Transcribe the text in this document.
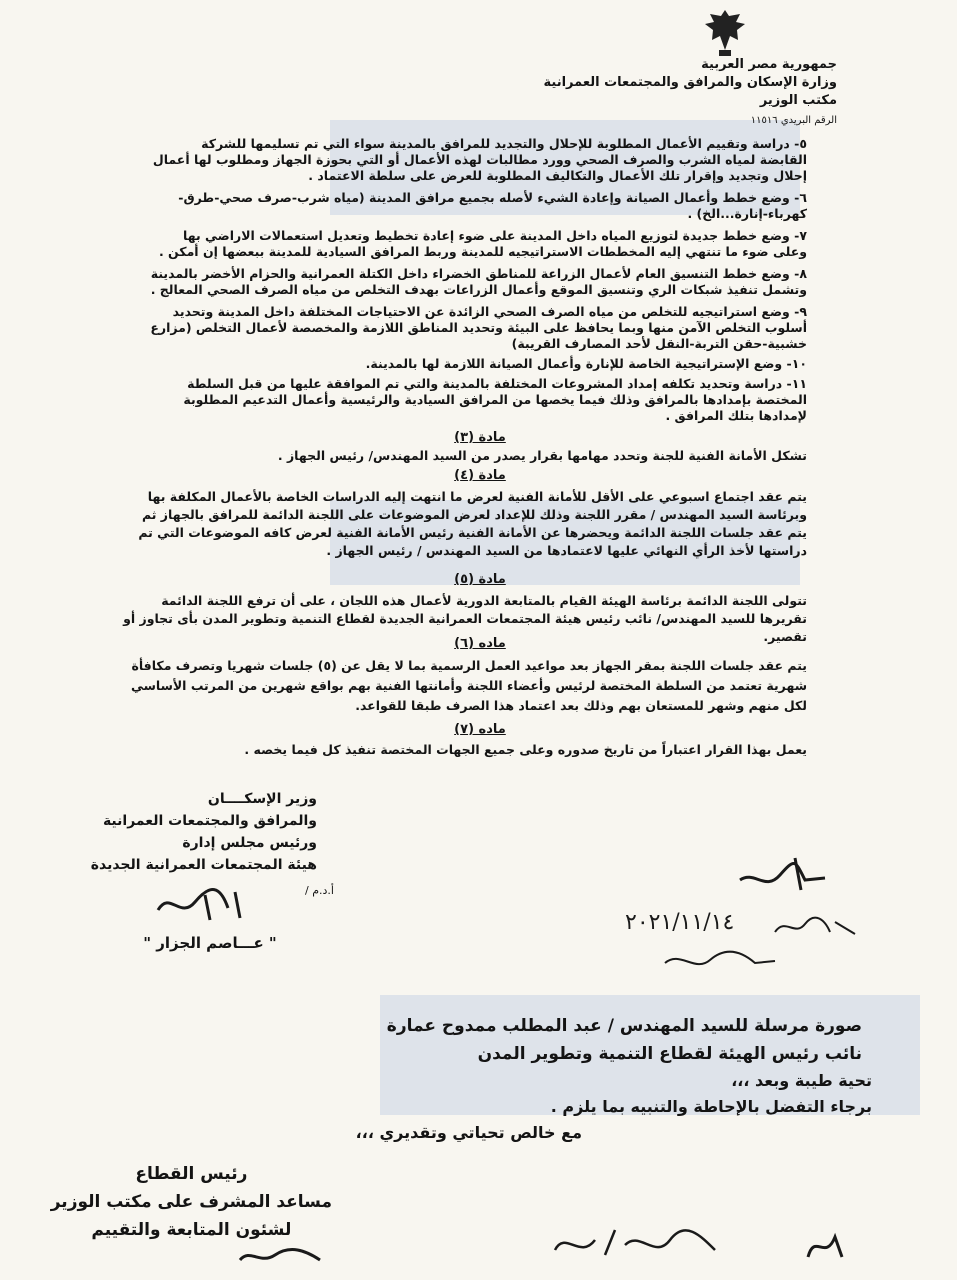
جمهورية مصر العربية
وزارة الإسكان والمرافق والمجتمعات العمرانية
مكتب الوزير
الرقم البريدي ١١٥١٦
٥- دراسة وتقييم الأعمال المطلوبة للإحلال والتجديد للمرافق بالمدينة سواء التي تم تسليمها للشركة القابضة لمياه الشرب والصرف الصحي وورد مطالبات لهذه الأعمال أو التي بحوزة الجهاز ومطلوب لها أعمال إحلال وتجديد وإقرار تلك الأعمال والتكاليف المطلوبة للعرض على سلطة الاعتماد .
٦- وضع خطط وأعمال الصيانة وإعادة الشيء لأصله بجميع مرافق المدينة (مياه شرب-صرف صحي-طرق-كهرباء-إنارة...الخ) .
٧- وضع خطط جديدة لتوزيع المياه داخل المدينة على ضوء إعادة تخطيط وتعديل استعمالات الاراضي بها وعلى ضوء ما تنتهي إليه المخططات الاستراتيجيه للمدينة وربط المرافق السيادية للمدينة ببعضها إن أمكن .
٨- وضع خطط التنسيق العام لأعمال الزراعة للمناطق الخضراء داخل الكتلة العمرانية والحزام الأخضر بالمدينة وتشمل تنفيذ شبكات الري وتنسيق الموقع وأعمال الزراعات بهدف التخلص من مياه الصرف الصحي المعالج .
٩- وضع استراتيجيه للتخلص من مياه الصرف الصحي الزائدة عن الاحتياجات المختلفة داخل المدينة وتحديد أسلوب التخلص الآمن منها وبما يحافظ على البيئة وتحديد المناطق اللازمة والمخصصة لأعمال التخلص (مزارع خشبية-حقن التربة-النقل لأحد المصارف القريبة)
١٠- وضع الإستراتيجية الخاصة للإنارة وأعمال الصيانة اللازمة لها بالمدينة.
١١- دراسة وتحديد تكلفه إمداد المشروعات المختلفة بالمدينة والتي تم الموافقة عليها من قبل السلطة المختصة بإمدادها بالمرافق وذلك فيما يخصها من المرافق السيادية والرئيسية وأعمال التدعيم المطلوبة لإمدادها بتلك المرافق .
مادة (٣)
تشكل الأمانة الفنية للجنة وتحدد مهامها بقرار يصدر من السيد المهندس/ رئيس الجهاز .
مادة (٤)
يتم عقد اجتماع اسبوعي على الأقل للأمانة الفنية لعرض ما انتهت إليه الدراسات الخاصة بالأعمال المكلفة بها وبرئاسة السيد المهندس / مقرر اللجنة وذلك للإعداد لعرض الموضوعات على اللجنة الدائمة للمرافق بالجهاز ثم يتم عقد جلسات اللجنة الدائمة ويحضرها عن الأمانة الفنية رئيس الأمانة الفنية لعرض كافه الموضوعات التي تم دراستها لأخذ الرأي النهائي عليها لاعتمادها من السيد المهندس / رئيس الجهاز .
مادة (٥)
تتولى اللجنة الدائمة برئاسة الهيئة القيام بالمتابعة الدورية لأعمال هذه اللجان ، على أن ترفع اللجنة الدائمة تقريرها للسيد المهندس/ نائب رئيس هيئة المجتمعات العمرانية الجديدة لقطاع التنمية وتطوير المدن بأى تجاوز أو تقصير.
ماده (٦)
يتم عقد جلسات اللجنة بمقر الجهاز بعد مواعيد العمل الرسمية بما لا يقل عن (٥) جلسات شهريا وتصرف مكافأة شهرية تعتمد من السلطة المختصة لرئيس وأعضاء اللجنة وأمانتها الفنية بهم بواقع شهرين من المرتب الأساسي لكل منهم وشهر للمستعان بهم وذلك بعد اعتماد هذا الصرف طبقا للقواعد.
ماده (٧)
يعمل بهذا القرار اعتباراً من تاريخ صدوره وعلى جميع الجهات المختصة تنفيذ كل فيما يخصه .
وزير الإسكــــان
والمرافق والمجتمعات العمرانية
ورئيس مجلس إدارة
هيئة المجتمعات العمرانية الجديدة
أ.د.م /
" عـــاصم الجزار "
٢٠٢١/١١/١٤
صورة مرسلة للسيد المهندس / عبد المطلب ممدوح عمارة
نائب رئيس الهيئة لقطاع التنمية وتطوير المدن
تحية طيبة وبعد ،،،
برجاء التفضل بالإحاطة والتنبيه بما يلزم .
مع خالص تحياتي وتقديري ،،،
رئيس القطاع
مساعد المشرف على مكتب الوزير
لشئون المتابعة والتقييم
